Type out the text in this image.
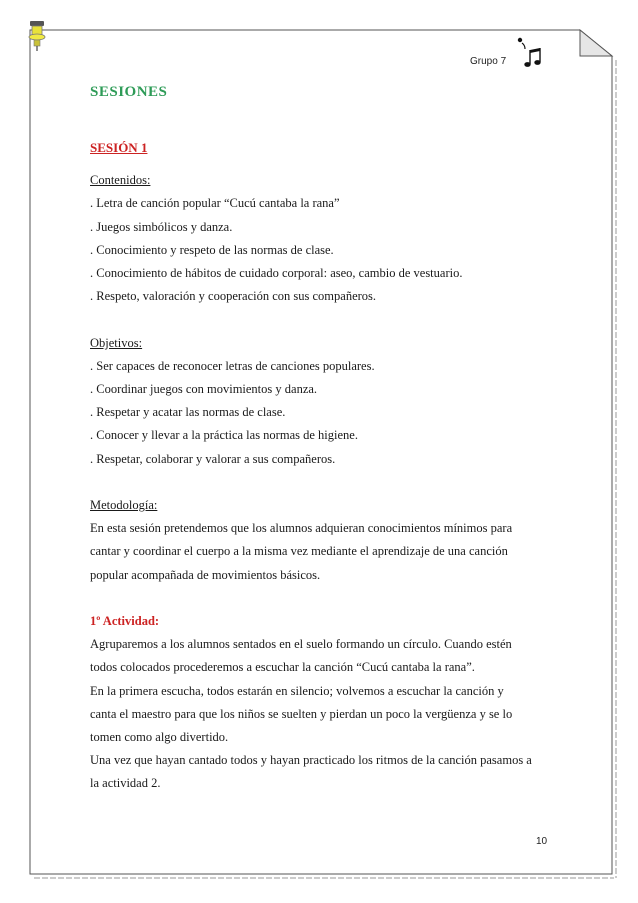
Grupo 7
SESIONES

SESIÓN 1

Contenidos:

. Letra de canción popular “Cucú cantaba la rana”

. Juegos simbólicos y danza.

. Conocimiento y respeto de las normas de clase.

. Conocimiento de hábitos de cuidado corporal: aseo, cambio de vestuario.

. Respeto, valoración y cooperación con sus compañeros.

Objetivos:

. Ser capaces de reconocer letras de canciones populares.

. Coordinar juegos con movimientos y danza.

. Respetar y acatar las normas de clase.

. Conocer y llevar a la práctica las normas de higiene.

. Respetar, colaborar y valorar a sus compañeros.

Metodología:

En esta sesión pretendemos que los alumnos adquieran conocimientos mínimos para

cantar y coordinar el cuerpo a la misma vez mediante el aprendizaje de una canción

popular acompañada de movimientos básicos.

1º Actividad:

Agruparemos a los alumnos sentados en el suelo formando un círculo. Cuando estén

todos colocados procederemos a escuchar la canción “Cucú cantaba la rana”.

En la primera escucha, todos estarán en silencio; volvemos a escuchar la canción y

canta el maestro para que los niños se suelten y pierdan un poco la vergüenza y se lo

tomen como algo divertido.

Una vez que hayan cantado todos y hayan practicado los ritmos de la canción pasamos a

la actividad 2.

10
